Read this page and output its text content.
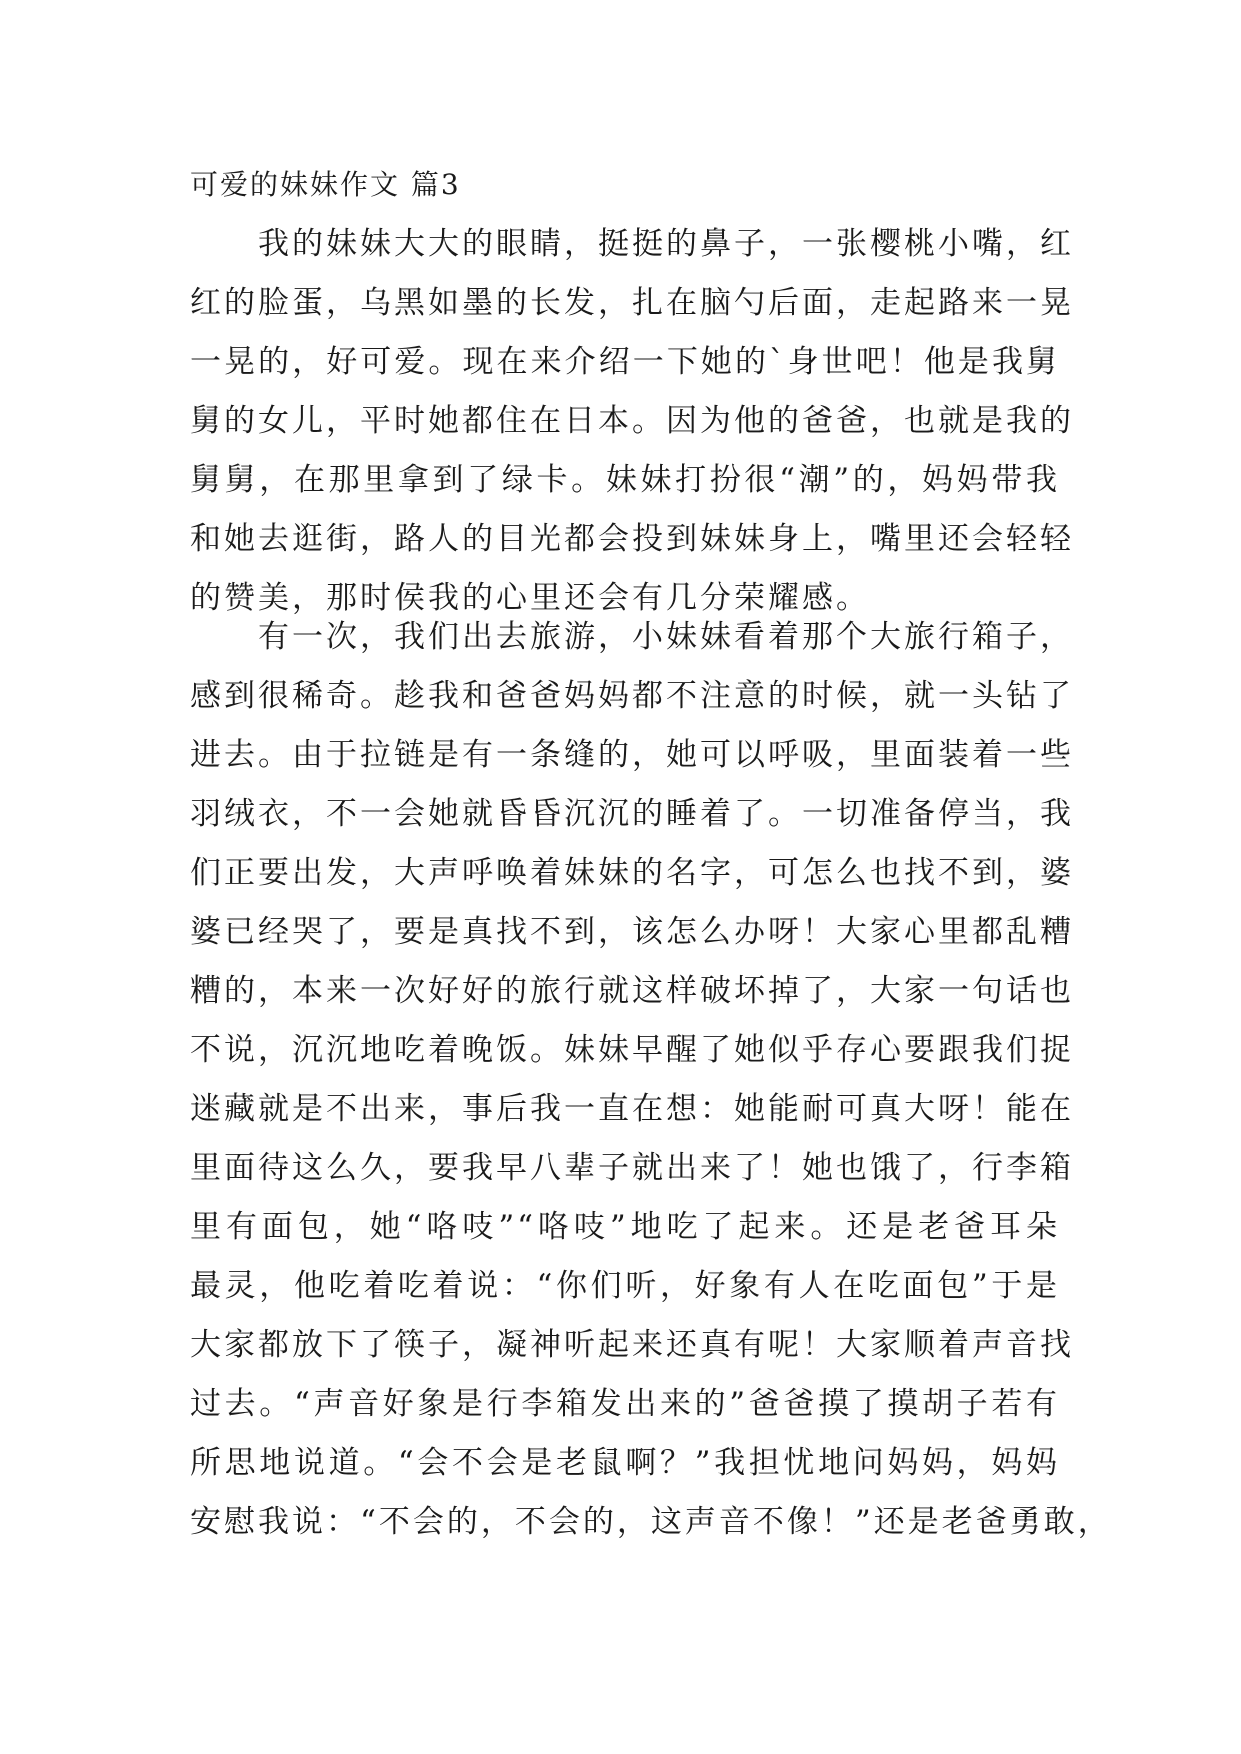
可爱的妹妹作文 篇3
　　我的妹妹大大的眼睛，挺挺的鼻子，一张樱桃小嘴，红
红的脸蛋，乌黑如墨的长发，扎在脑勺后面，走起路来一晃
一晃的，好可爱。现在来介绍一下她的`身世吧！他是我舅
舅的女儿，平时她都住在日本。因为他的爸爸，也就是我的
舅舅，在那里拿到了绿卡。妹妹打扮很“潮”的，妈妈带我
和她去逛街，路人的目光都会投到妹妹身上，嘴里还会轻轻
的赞美，那时侯我的心里还会有几分荣耀感。
　　有一次，我们出去旅游，小妹妹看着那个大旅行箱子，
感到很稀奇。趁我和爸爸妈妈都不注意的时候，就一头钻了
进去。由于拉链是有一条缝的，她可以呼吸，里面装着一些
羽绒衣，不一会她就昏昏沉沉的睡着了。一切准备停当，我
们正要出发，大声呼唤着妹妹的名字，可怎么也找不到，婆
婆已经哭了，要是真找不到，该怎么办呀！大家心里都乱糟
糟的，本来一次好好的旅行就这样破坏掉了，大家一句话也
不说，沉沉地吃着晚饭。妹妹早醒了她似乎存心要跟我们捉
迷藏就是不出来，事后我一直在想：她能耐可真大呀！能在
里面待这么久，要我早八辈子就出来了！她也饿了，行李箱
里有面包，她“咯吱”“咯吱”地吃了起来。还是老爸耳朵
最灵，他吃着吃着说：“你们听，好象有人在吃面包”于是
大家都放下了筷子，凝神听起来还真有呢！大家顺着声音找
过去。“声音好象是行李箱发出来的”爸爸摸了摸胡子若有
所思地说道。“会不会是老鼠啊？”我担忧地问妈妈，妈妈
安慰我说：“不会的，不会的，这声音不像！”还是老爸勇敢，
